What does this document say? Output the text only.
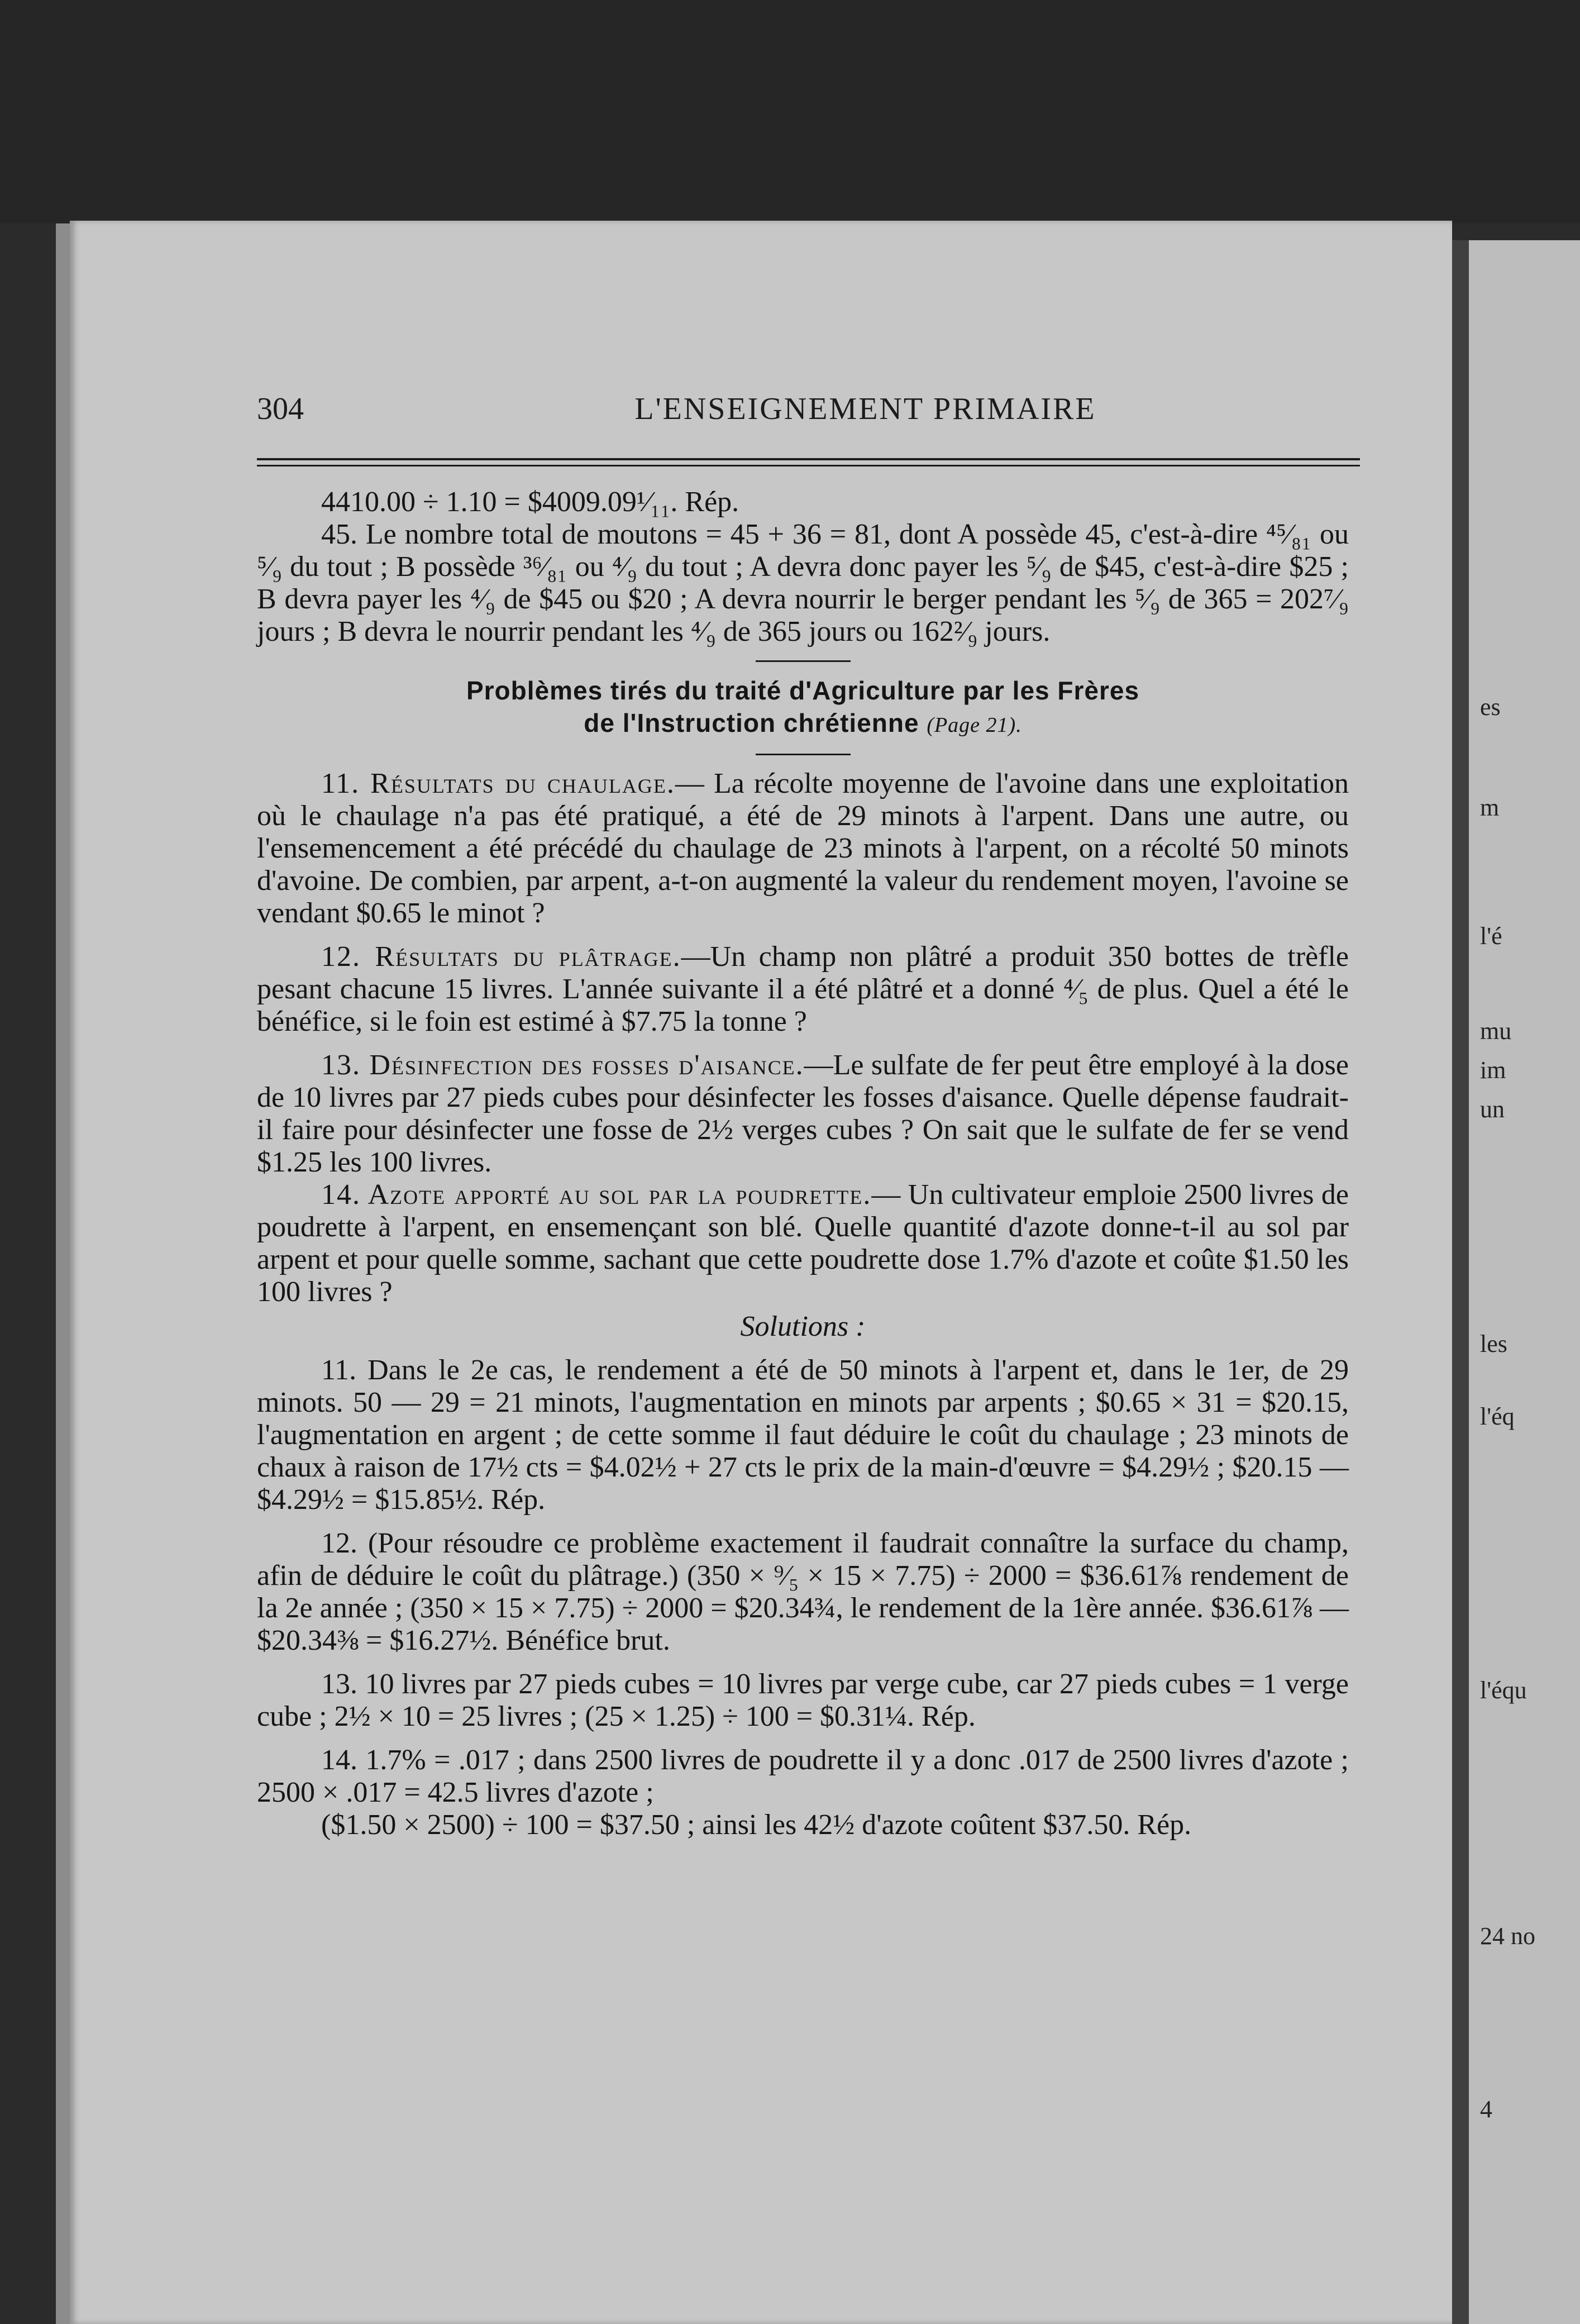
es
m
l'é
mu
im
un
les
l'éq
l'équ
24 no
4
304	L'ENSEIGNEMENT PRIMAIRE

4410.00 ÷ 1.10 = $4009.09¹⁄₁₁. Rép.

45. Le nombre total de moutons = 45 + 36 = 81, dont A possède 45, c'est-à-dire ⁴⁵⁄₈₁ ou ⁵⁄₉ du tout ; B possède ³⁶⁄₈₁ ou ⁴⁄₉ du tout ; A devra donc payer les ⁵⁄₉ de $45, c'est-à-dire $25 ; B devra payer les ⁴⁄₉ de $45 ou $20 ; A devra nourrir le berger pendant les ⁵⁄₉ de 365 = 202⁷⁄₉ jours ; B devra le nourrir pendant les ⁴⁄₉ de 365 jours ou 162²⁄₉ jours.

Problèmes tirés du traité d'Agriculture par les Frères
de l'Instruction chrétienne (Page 21).

11. Résultats du chaulage.— La récolte moyenne de l'avoine dans une exploitation où le chaulage n'a pas été pratiqué, a été de 29 minots à l'arpent. Dans une autre, ou l'ensemencement a été précédé du chaulage de 23 minots à l'arpent, on a récolté 50 minots d'avoine. De combien, par arpent, a-t-on augmenté la valeur du rendement moyen, l'avoine se vendant $0.65 le minot ?

12. Résultats du plâtrage.—Un champ non plâtré a produit 350 bottes de trèfle pesant chacune 15 livres. L'année suivante il a été plâtré et a donné ⁴⁄₅ de plus. Quel a été le bénéfice, si le foin est estimé à $7.75 la tonne ?

13. Désinfection des fosses d'aisance.—Le sulfate de fer peut être employé à la dose de 10 livres par 27 pieds cubes pour désinfecter les fosses d'aisance. Quelle dépense faudrait-il faire pour désinfecter une fosse de 2½ verges cubes ? On sait que le sulfate de fer se vend $1.25 les 100 livres.

14. Azote apporté au sol par la poudrette.— Un cultivateur emploie 2500 livres de poudrette à l'arpent, en ensemençant son blé. Quelle quantité d'azote donne-t-il au sol par arpent et pour quelle somme, sachant que cette poudrette dose 1.7% d'azote et coûte $1.50 les 100 livres ?

Solutions :

11. Dans le 2e cas, le rendement a été de 50 minots à l'arpent et, dans le 1er, de 29 minots. 50 — 29 = 21 minots, l'augmentation en minots par arpents ; $0.65 × 31 = $20.15, l'augmentation en argent ; de cette somme il faut déduire le coût du chaulage ; 23 minots de chaux à raison de 17½ cts = $4.02½ + 27 cts le prix de la main-d'œuvre = $4.29½ ; $20.15 — $4.29½ = $15.85½. Rép.

12. (Pour résoudre ce problème exactement il faudrait connaître la surface du champ, afin de déduire le coût du plâtrage.) (350 × ⁹⁄₅ × 15 × 7.75) ÷ 2000 = $36.61⅞ rendement de la 2e année ; (350 × 15 × 7.75) ÷ 2000 = $20.34¾, le rendement de la 1ère année. $36.61⅞ — $20.34⅜ = $16.27½. Bénéfice brut.

13. 10 livres par 27 pieds cubes = 10 livres par verge cube, car 27 pieds cubes = 1 verge cube ; 2½ × 10 = 25 livres ; (25 × 1.25) ÷ 100 = $0.31¼. Rép.

14. 1.7% = .017 ; dans 2500 livres de poudrette il y a donc .017 de 2500 livres d'azote ; 2500 × .017 = 42.5 livres d'azote ;

($1.50 × 2500) ÷ 100 = $37.50 ; ainsi les 42½ d'azote coûtent $37.50. Rép.
